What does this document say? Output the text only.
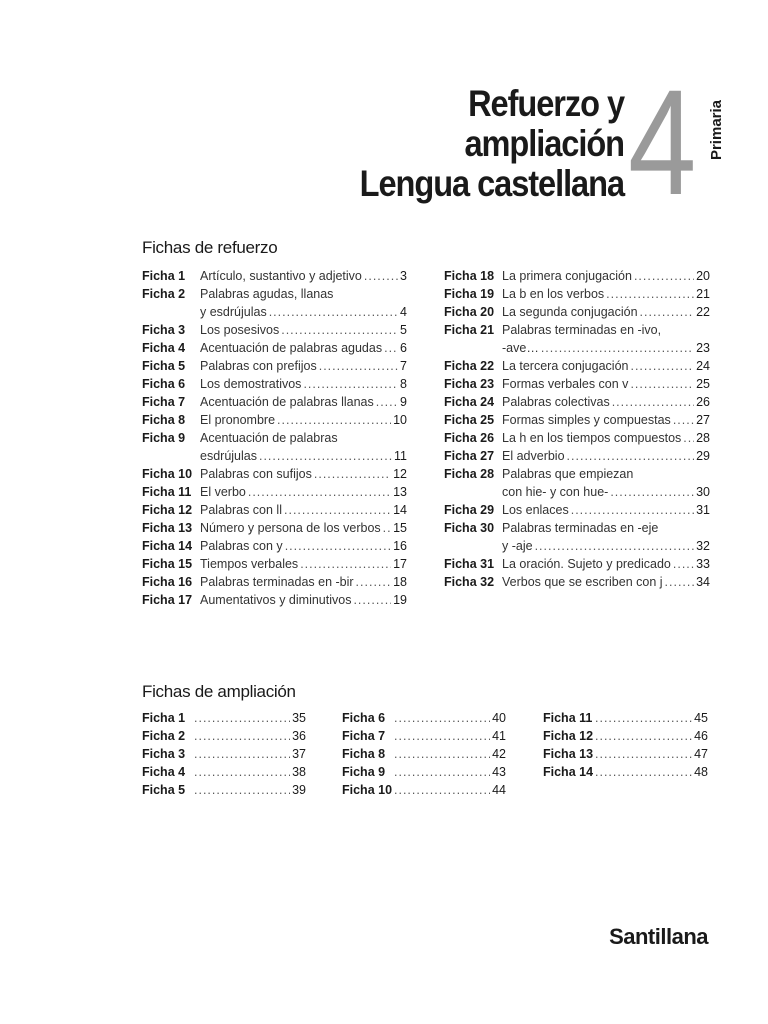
Refuerzo y
ampliación
Lengua castellana 4 Primaria
Fichas de refuerzo
Ficha 1	Artículo, sustantivo y adjetivo .....	3
Ficha 2	Palabras agudas, llanas
y esdrújulas .....	4
Ficha 3	Los posesivos .....	5
Ficha 4	Acentuación de palabras agudas ..... 6
Ficha 5	Palabras con prefijos .....	7
Ficha 6	Los demostrativos .....	8
Ficha 7	Acentuación de palabras llanas ..... 9
Ficha 8	El pronombre .....	10
Ficha 9	Acentuación de palabras
esdrújulas .....	11
Ficha 10 Palabras con sufijos .....	12
Ficha 11 El verbo .....	13
Ficha 12 Palabras con ll .....	14
Ficha 13 Número y persona de los verbos ..... 15
Ficha 14 Palabras con y .....	16
Ficha 15 Tiempos verbales .....	17
Ficha 16 Palabras terminadas en -bir .....	18
Ficha 17 Aumentativos y diminutivos .....	19
Ficha 18 La primera conjugación .....	20
Ficha 19 La b en los verbos .....	21
Ficha 20 La segunda conjugación .....	22
Ficha 21 Palabras terminadas en -ivo,
-ave… .....	23
Ficha 22 La tercera conjugación .....	24
Ficha 23 Formas verbales con v .....	25
Ficha 24 Palabras colectivas .....	26
Ficha 25 Formas simples y compuestas ..... 27
Ficha 26 La h en los tiempos compuestos ..... 28
Ficha 27 El adverbio .....	29
Ficha 28 Palabras que empiezan
con hie- y con hue- .....	30
Ficha 29 Los enlaces .....	31
Ficha 30 Palabras terminadas en -eje
y -aje .....	32
Ficha 31 La oración. Sujeto y predicado ..... 33
Ficha 32 Verbos que se escriben con j .....	34
Fichas de ampliación
Ficha 1 .....	35
Ficha 2 .....	36
Ficha 3 .....	37
Ficha 4 .....	38
Ficha 5 .....	39
Ficha 6 .....	40
Ficha 7 .....	41
Ficha 8 .....	42
Ficha 9 .....	43
Ficha 10 .....	44
Ficha 11 .....	45
Ficha 12 .....	46
Ficha 13 .....	47
Ficha 14 .....	48
Santillana
